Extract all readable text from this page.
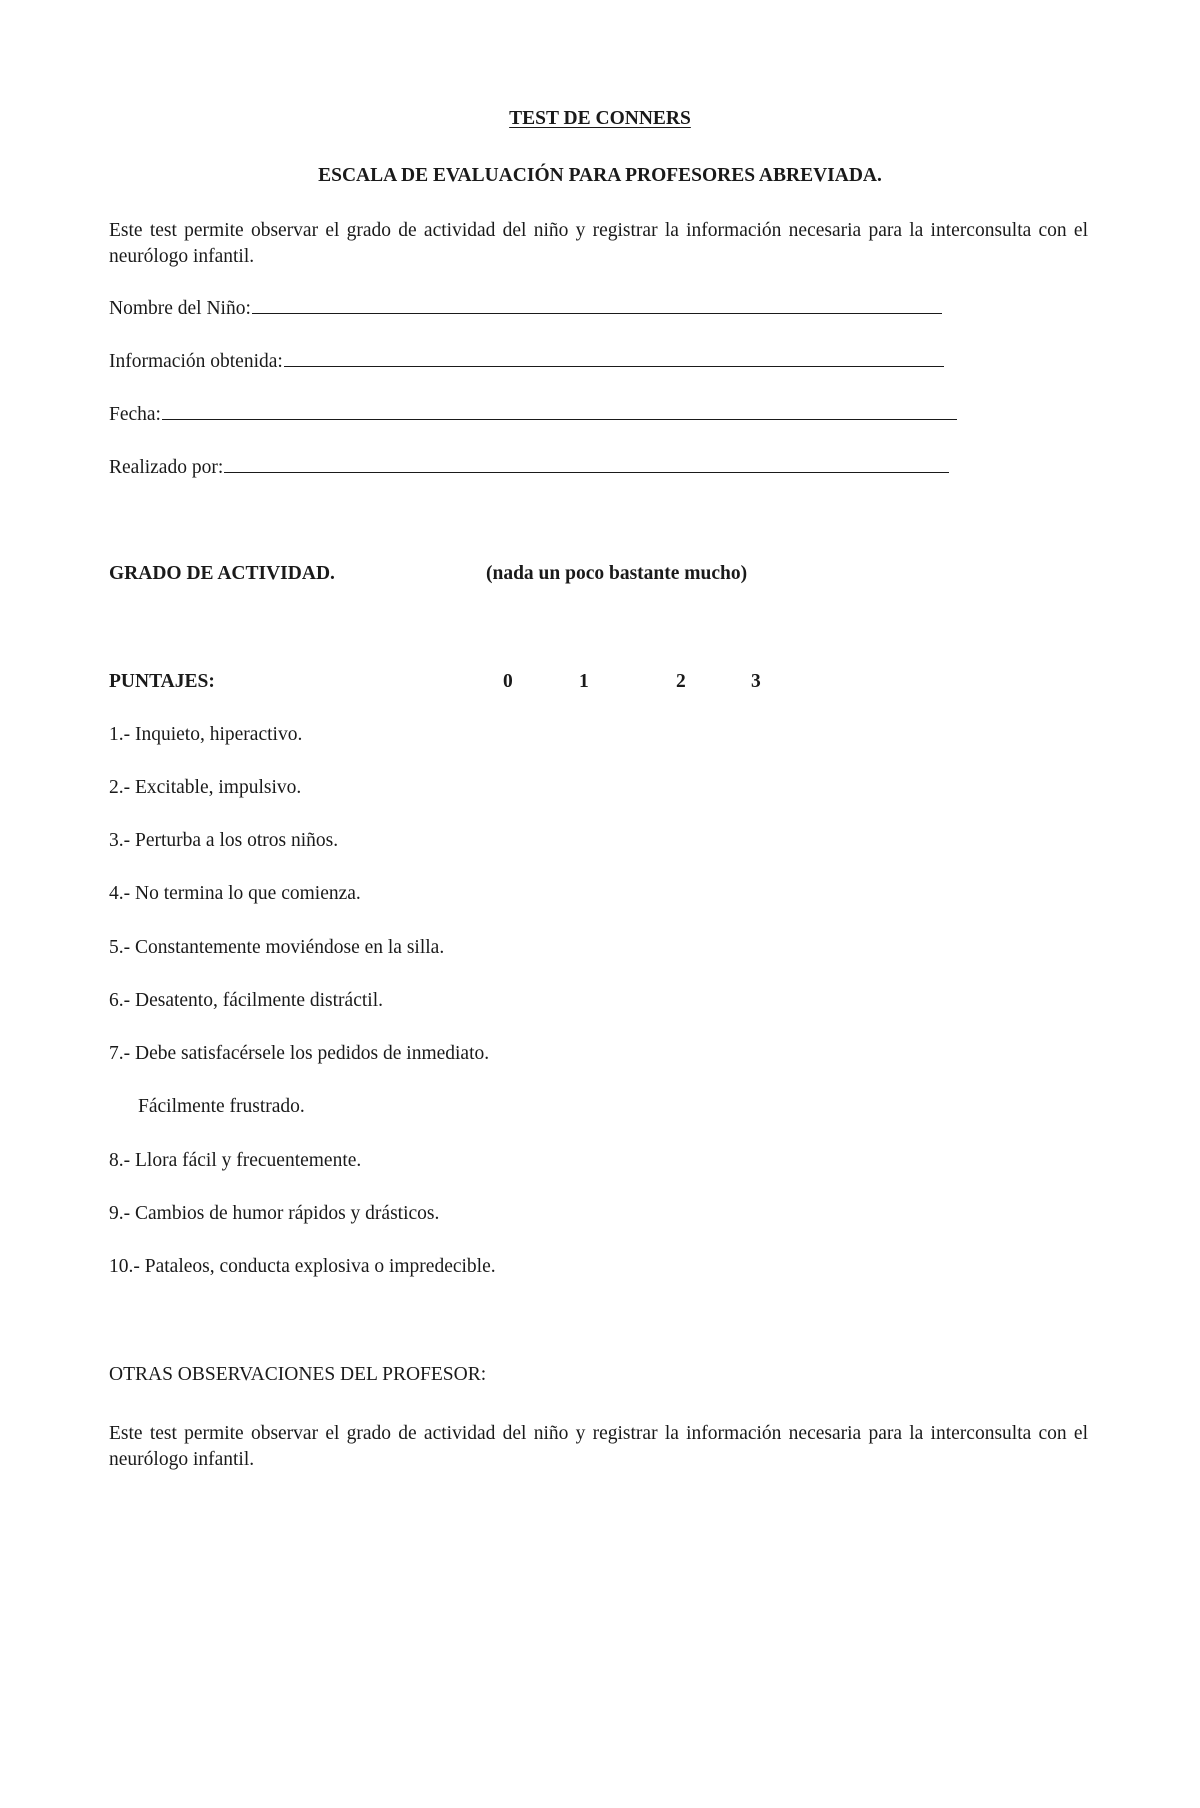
TEST DE CONNERS
ESCALA DE EVALUACIÓN PARA PROFESORES ABREVIADA.
Este test permite observar el grado de actividad del niño y registrar la información necesaria para la interconsulta con el neurólogo infantil.
Nombre del Niño:
Información obtenida:
Fecha:
Realizado por:
GRADO DE ACTIVIDAD.	(nada un poco bastante mucho)
PUNTAJES:	0	1	2	3
1.- Inquieto, hiperactivo.
2.- Excitable, impulsivo.
3.- Perturba a los otros niños.
4.- No termina lo que comienza.
5.- Constantemente moviéndose en la silla.
6.- Desatento, fácilmente distráctil.
7.- Debe satisfacérsele los pedidos de inmediato.
Fácilmente frustrado.
8.- Llora fácil y frecuentemente.
9.- Cambios de humor rápidos y drásticos.
10.- Pataleos, conducta explosiva o impredecible.
OTRAS OBSERVACIONES DEL PROFESOR:
Este test permite observar el grado de actividad del niño y registrar la información necesaria para la interconsulta con el neurólogo infantil.
